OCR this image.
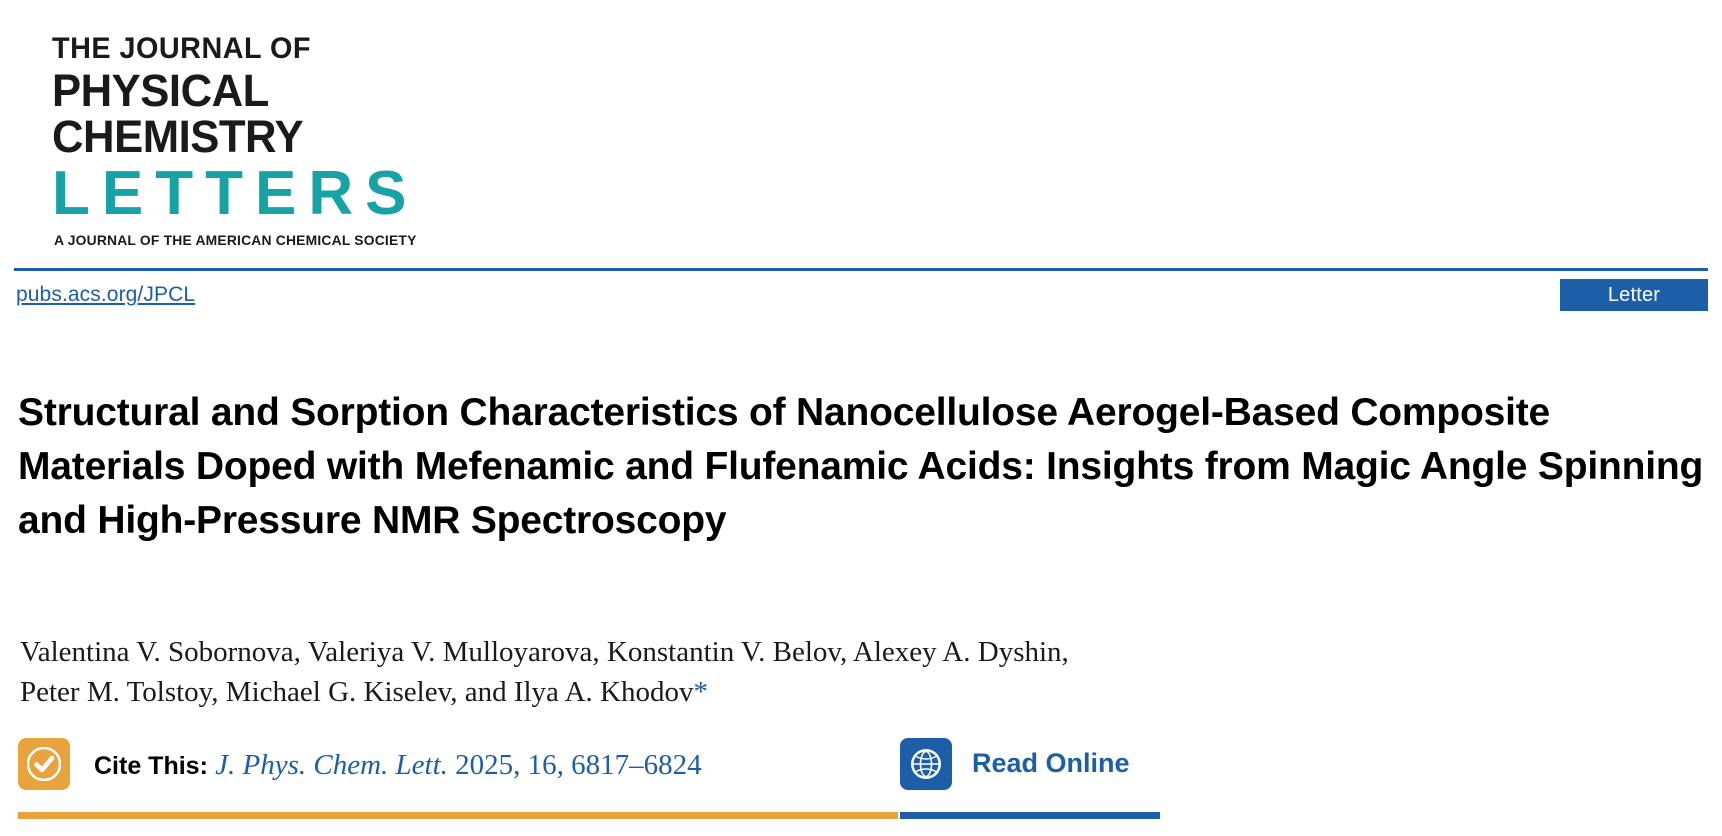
THE JOURNAL OF
PHYSICAL CHEMISTRY
LETTERS
A JOURNAL OF THE AMERICAN CHEMICAL SOCIETY
pubs.acs.org/JPCL	Letter
Structural and Sorption Characteristics of Nanocellulose Aerogel-Based Composite Materials Doped with Mefenamic and Flufenamic Acids: Insights from Magic Angle Spinning and High-Pressure NMR Spectroscopy
Valentina V. Sobornova, Valeriya V. Mulloyarova, Konstantin V. Belov, Alexey A. Dyshin,
Peter M. Tolstoy, Michael G. Kiselev, and Ilya A. Khodov*
Cite This: J. Phys. Chem. Lett. 2025, 16, 6817–6824	Read Online
